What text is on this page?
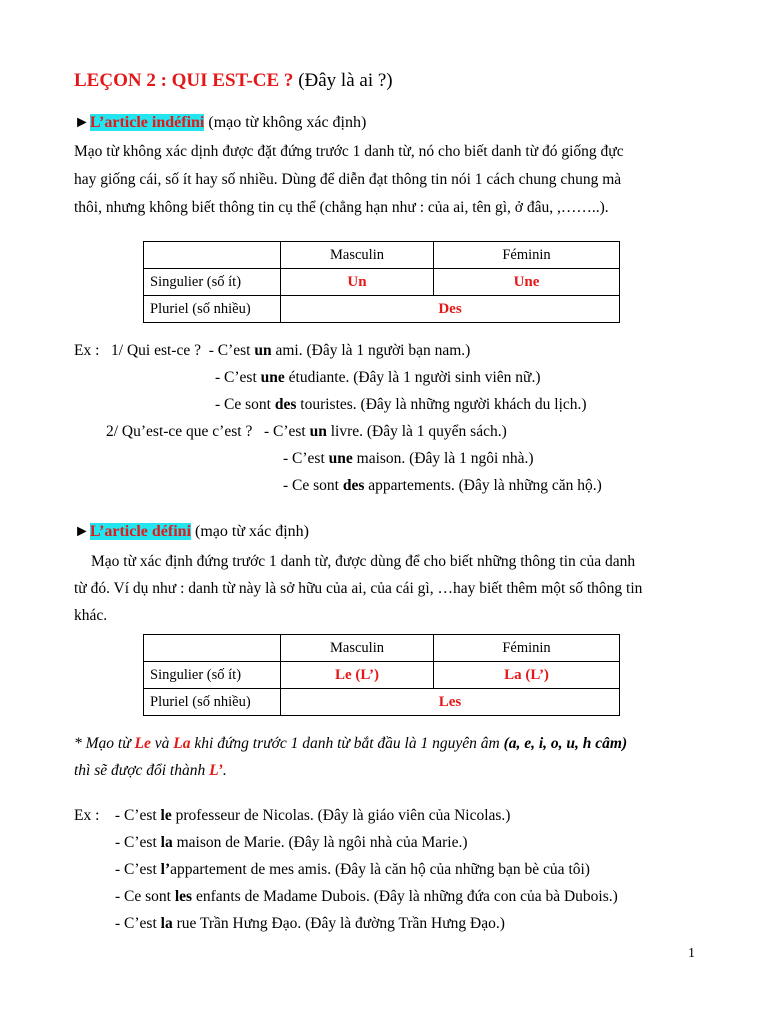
LEÇON 2 : QUI EST-CE ? (Đây là ai ?)
►L’article indéfini (mạo từ không xác định)
Mạo từ không xác dịnh được đặt đứng trước 1 danh từ, nó cho biết danh từ đó giống đực
hay giống cái, số ít hay số nhiều. Dùng để diễn đạt thông tin nói 1 cách chung chung mà
thôi, nhưng không biết thông tin cụ thể (chẳng hạn như : của ai, tên gì, ở đâu, ,……..).
	Masculin	Féminin
Singulier (số ít)	Un	Une
Pluriel (số nhiều)	Des	
Ex : 1/ Qui est-ce ? - C’est un ami. (Đây là 1 người bạn nam.)
- C’est une étudiante. (Đây là 1 người sinh viên nữ.)
- Ce sont des touristes. (Đây là những người khách du lịch.)
2/ Qu’est-ce que c’est ? - C’est un livre. (Đây là 1 quyển sách.)
- C’est une maison. (Đây là 1 ngôi nhà.)
- Ce sont des appartements. (Đây là những căn hộ.)
►L’article défini (mạo từ xác định)
Mạo từ xác định đứng trước 1 danh từ, được dùng để cho biết những thông tin của danh
từ đó. Ví dụ như : danh từ này là sở hữu của ai, của cái gì, …hay biết thêm một số thông tin
khác.
	Masculin	Féminin
Singulier (số ít)	Le (L’)	La (L’)
Pluriel (số nhiều)	Les	
* Mạo từ Le và La khi đứng trước 1 danh từ bắt đầu là 1 nguyên âm (a, e, i, o, u, h câm)
thì sẽ được đổi thành L’.
Ex : - C’est le professeur de Nicolas. (Đây là giáo viên của Nicolas.)
- C’est la maison de Marie. (Đây là ngôi nhà của Marie.)
- C’est l’appartement de mes amis. (Đây là căn hộ của những bạn bè của tôi)
- Ce sont les enfants de Madame Dubois. (Đây là những đứa con của bà Dubois.)
- C’est la rue Trần Hưng Đạo. (Đây là đường Trần Hưng Đạo.)
1
